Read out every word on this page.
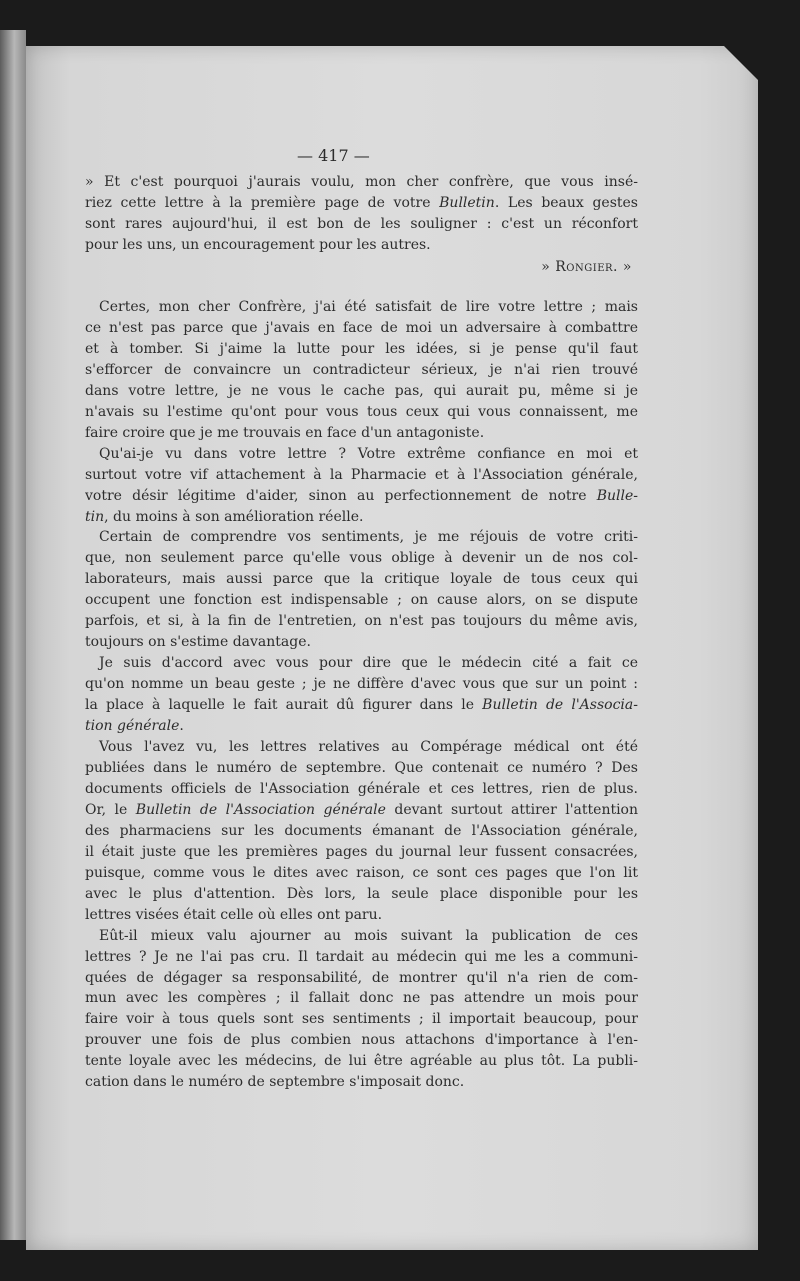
— 417 —
» Et c'est pourquoi j'aurais voulu, mon cher confrère, que vous insé-
riez cette lettre à la première page de votre Bulletin. Les beaux gestes
sont rares aujourd'hui, il est bon de les souligner : c'est un réconfort
pour les uns, un encouragement pour les autres.
» Rongier. »
Certes, mon cher Confrère, j'ai été satisfait de lire votre lettre ; mais
ce n'est pas parce que j'avais en face de moi un adversaire à combattre
et à tomber. Si j'aime la lutte pour les idées, si je pense qu'il faut
s'efforcer de convaincre un contradicteur sérieux, je n'ai rien trouvé
dans votre lettre, je ne vous le cache pas, qui aurait pu, même si je
n'avais su l'estime qu'ont pour vous tous ceux qui vous connaissent, me
faire croire que je me trouvais en face d'un antagoniste.
Qu'ai-je vu dans votre lettre ? Votre extrême confiance en moi et
surtout votre vif attachement à la Pharmacie et à l'Association générale,
votre désir légitime d'aider, sinon au perfectionnement de notre Bulle-
tin, du moins à son amélioration réelle.
Certain de comprendre vos sentiments, je me réjouis de votre criti-
que, non seulement parce qu'elle vous oblige à devenir un de nos col-
laborateurs, mais aussi parce que la critique loyale de tous ceux qui
occupent une fonction est indispensable ; on cause alors, on se dispute
parfois, et si, à la fin de l'entretien, on n'est pas toujours du même avis,
toujours on s'estime davantage.
Je suis d'accord avec vous pour dire que le médecin cité a fait ce
qu'on nomme un beau geste ; je ne diffère d'avec vous que sur un point :
la place à laquelle le fait aurait dû figurer dans le Bulletin de l'Associa-
tion générale.
Vous l'avez vu, les lettres relatives au Compérage médical ont été
publiées dans le numéro de septembre. Que contenait ce numéro ? Des
documents officiels de l'Association générale et ces lettres, rien de plus.
Or, le Bulletin de l'Association générale devant surtout attirer l'attention
des pharmaciens sur les documents émanant de l'Association générale,
il était juste que les premières pages du journal leur fussent consacrées,
puisque, comme vous le dites avec raison, ce sont ces pages que l'on lit
avec le plus d'attention. Dès lors, la seule place disponible pour les
lettres visées était celle où elles ont paru.
Eût-il mieux valu ajourner au mois suivant la publication de ces
lettres ? Je ne l'ai pas cru. Il tardait au médecin qui me les a communi-
quées de dégager sa responsabilité, de montrer qu'il n'a rien de com-
mun avec les compères ; il fallait donc ne pas attendre un mois pour
faire voir à tous quels sont ses sentiments ; il importait beaucoup, pour
prouver une fois de plus combien nous attachons d'importance à l'en-
tente loyale avec les médecins, de lui être agréable au plus tôt. La publi-
cation dans le numéro de septembre s'imposait donc.
